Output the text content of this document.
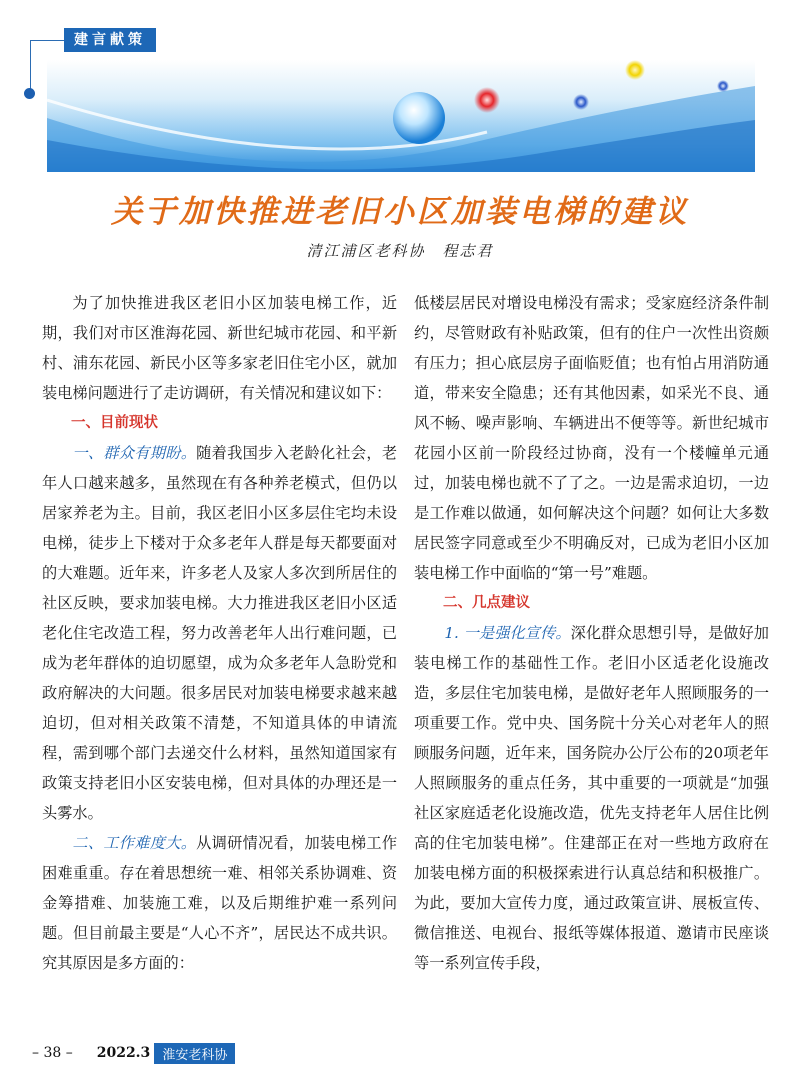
建言献策
关于加快推进老旧小区加装电梯的建议
清江浦区老科协　程志君

为了加快推进我区老旧小区加装电梯工作，近期，我们对市区淮海花园、新世纪城市花园、和平新村、浦东花园、新民小区等多家老旧住宅小区，就加装电梯问题进行了走访调研，有关情况和建议如下：

一、目前现状

一、群众有期盼。随着我国步入老龄化社会，老年人口越来越多，虽然现在有各种养老模式，但仍以居家养老为主。目前，我区老旧小区多层住宅均未设电梯，徒步上下楼对于众多老年人群是每天都要面对的大难题。近年来，许多老人及家人多次到所居住的社区反映，要求加装电梯。大力推进我区老旧小区适老化住宅改造工程，努力改善老年人出行难问题，已成为老年群体的迫切愿望，成为众多老年人急盼党和政府解决的大问题。很多居民对加装电梯要求越来越迫切，但对相关政策不清楚，不知道具体的申请流程，需到哪个部门去递交什么材料，虽然知道国家有政策支持老旧小区安装电梯，但对具体的办理还是一头雾水。

二、工作难度大。从调研情况看，加装电梯工作困难重重。存在着思想统一难、相邻关系协调难、资金筹措难、加装施工难，以及后期维护难一系列问题。但目前最主要是“人心不齐”，居民达不成共识。究其原因是多方面的：

低楼层居民对增设电梯没有需求；受家庭经济条件制约，尽管财政有补贴政策，但有的住户一次性出资颇有压力；担心底层房子面临贬值；也有怕占用消防通道，带来安全隐患；还有其他因素，如采光不良、通风不畅、噪声影响、车辆进出不便等等。新世纪城市花园小区前一阶段经过协商，没有一个楼幢单元通过，加装电梯也就不了了之。一边是需求迫切，一边是工作难以做通，如何解决这个问题？如何让大多数居民签字同意或至少不明确反对，已成为老旧小区加装电梯工作中面临的“第一号”难题。

二、几点建议

1. 一是强化宣传。深化群众思想引导，是做好加装电梯工作的基础性工作。老旧小区适老化设施改造，多层住宅加装电梯，是做好老年人照顾服务的一项重要工作。党中央、国务院十分关心对老年人的照顾服务问题，近年来，国务院办公厅公布的20项老年人照顾服务的重点任务，其中重要的一项就是“加强社区家庭适老化设施改造，优先支持老年人居住比例高的住宅加装电梯”。住建部正在对一些地方政府在加装电梯方面的积极探索进行认真总结和积极推广。为此，要加大宣传力度，通过政策宣讲、展板宣传、微信推送、电视台、报纸等媒体报道、邀请市民座谈等一系列宣传手段，

– 38 – 2022.3 淮安老科协
